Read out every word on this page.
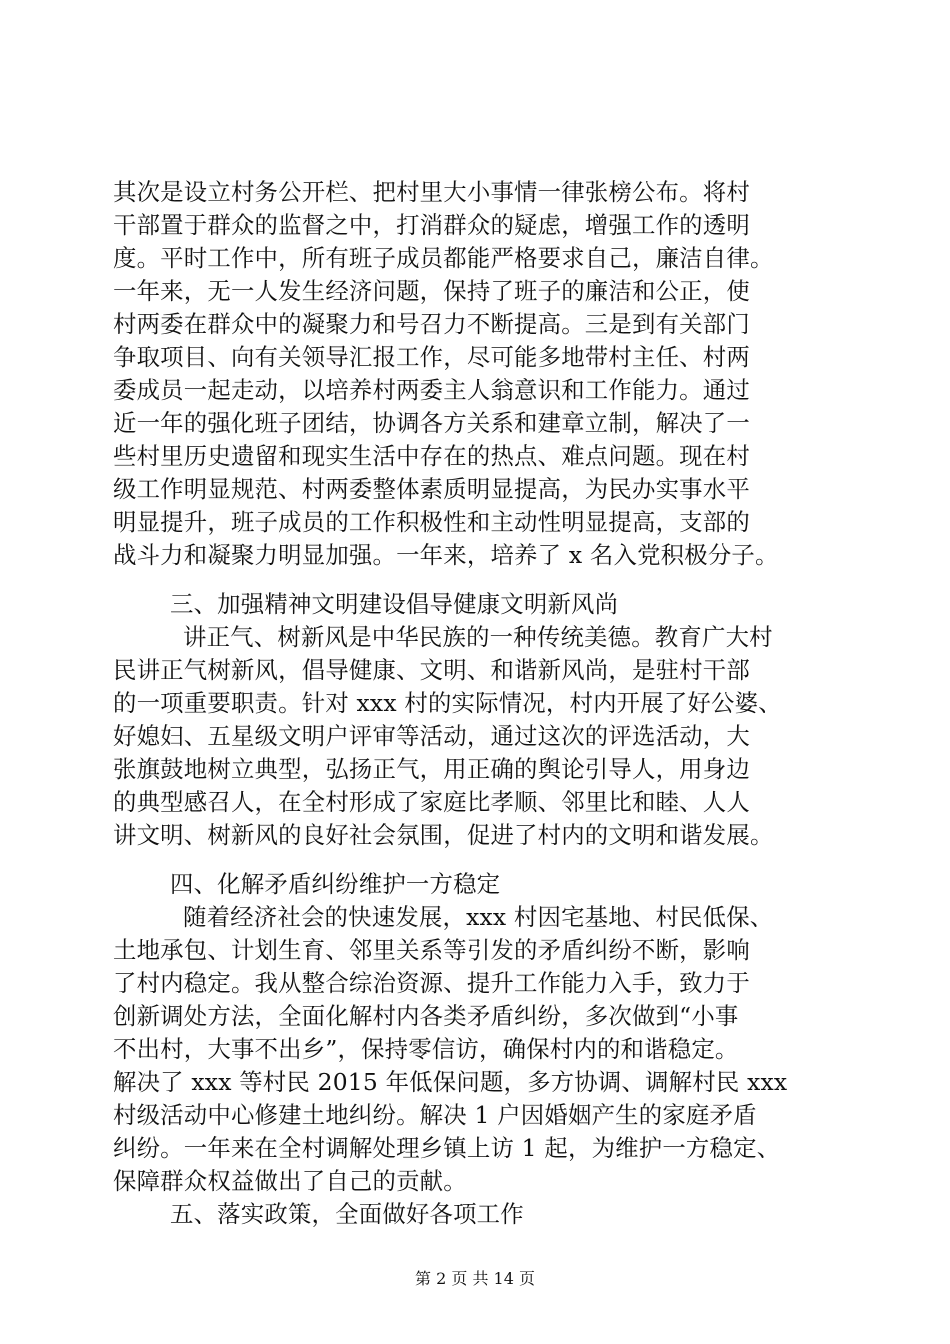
其次是设立村务公开栏、把村里大小事情一律张榜公布。将村
干部置于群众的监督之中，打消群众的疑虑，增强工作的透明
度。平时工作中，所有班子成员都能严格要求自己，廉洁自律。
一年来，无一人发生经济问题，保持了班子的廉洁和公正，使
村两委在群众中的凝聚力和号召力不断提高。三是到有关部门
争取项目、向有关领导汇报工作，尽可能多地带村主任、村两
委成员一起走动，以培养村两委主人翁意识和工作能力。通过
近一年的强化班子团结，协调各方关系和建章立制，解决了一
些村里历史遗留和现实生活中存在的热点、难点问题。现在村
级工作明显规范、村两委整体素质明显提高，为民办实事水平
明显提升，班子成员的工作积极性和主动性明显提高，支部的
战斗力和凝聚力明显加强。一年来，培养了 x 名入党积极分子。
三、加强精神文明建设倡导健康文明新风尚
讲正气、树新风是中华民族的一种传统美德。教育广大村
民讲正气树新风，倡导健康、文明、和谐新风尚，是驻村干部
的一项重要职责。针对 xxx 村的实际情况，村内开展了好公婆、
好媳妇、五星级文明户评审等活动，通过这次的评选活动，大
张旗鼓地树立典型，弘扬正气，用正确的舆论引导人，用身边
的典型感召人，在全村形成了家庭比孝顺、邻里比和睦、人人
讲文明、树新风的良好社会氛围，促进了村内的文明和谐发展。
四、化解矛盾纠纷维护一方稳定
随着经济社会的快速发展，xxx 村因宅基地、村民低保、
土地承包、计划生育、邻里关系等引发的矛盾纠纷不断，影响
了村内稳定。我从整合综治资源、提升工作能力入手，致力于
创新调处方法，全面化解村内各类矛盾纠纷，多次做到“小事
不出村，大事不出乡”，保持零信访，确保村内的和谐稳定。
解决了 xxx 等村民 2015 年低保问题，多方协调、调解村民 xxx
村级活动中心修建土地纠纷。解决 1 户因婚姻产生的家庭矛盾
纠纷。一年来在全村调解处理乡镇上访 1 起，为维护一方稳定、
保障群众权益做出了自己的贡献。
五、落实政策，全面做好各项工作
第 2 页 共 14 页
